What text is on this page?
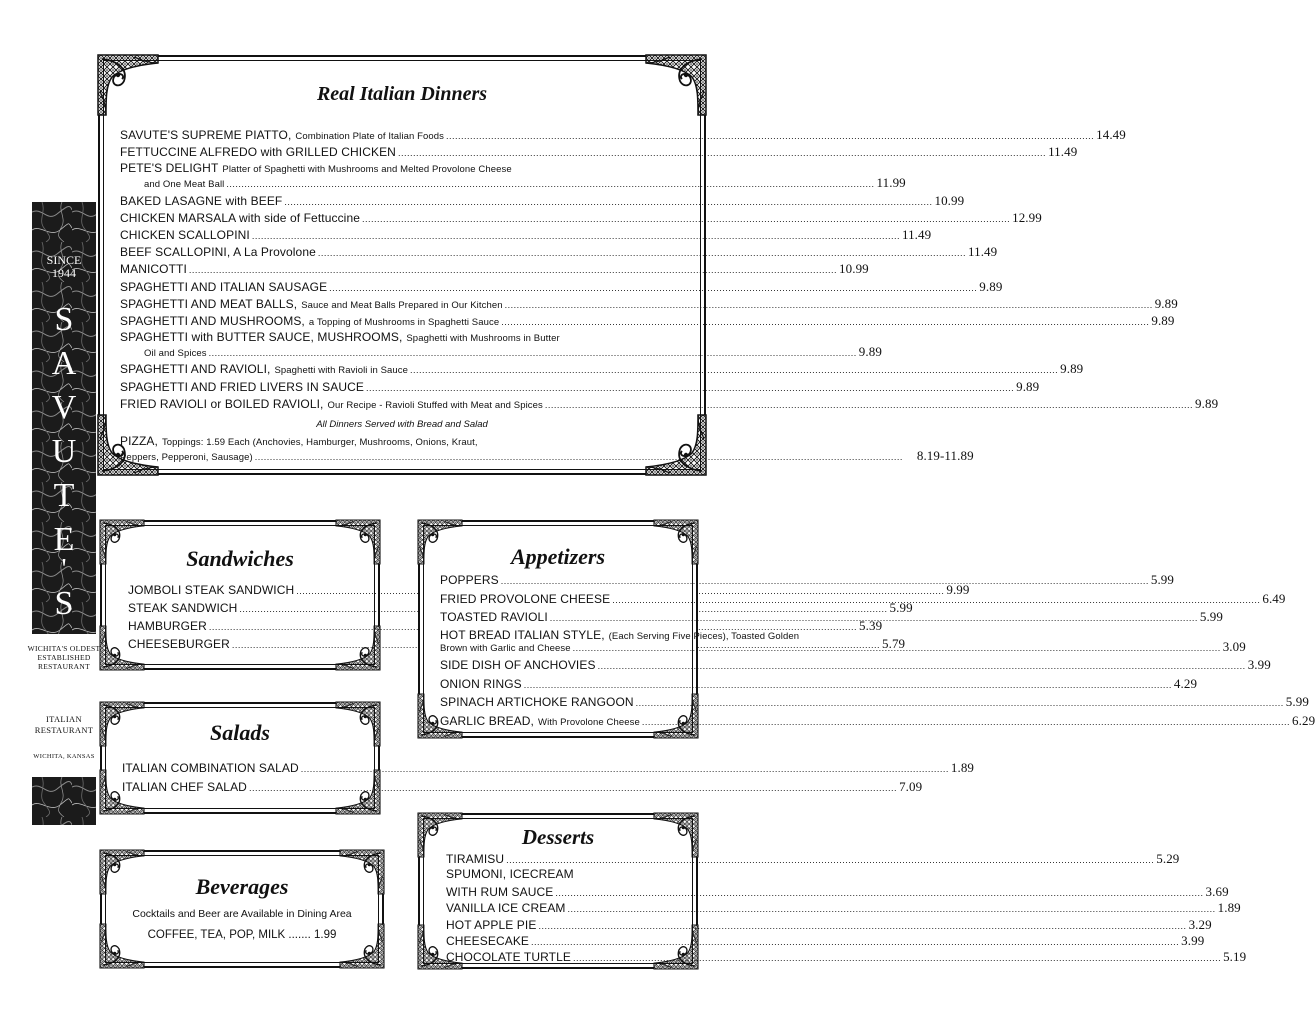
SINCE
1944
S
A
V
U
T
E
'
S
WICHITA'S OLDEST ESTABLISHED RESTAURANT
ITALIAN RESTAURANT
WICHITA, KANSAS
Real Italian Dinners
SAVUTE'S SUPREME PIATTO, Combination Plate of Italian Foods .....	14.49
FETTUCCINE ALFREDO with GRILLED CHICKEN .....	11.49
PETE'S DELIGHT Platter of Spaghetti with Mushrooms and Melted Provolone Cheese
and One Meat Ball .....	11.99
BAKED LASAGNE with BEEF .....	10.99
CHICKEN MARSALA with side of Fettuccine .....	12.99
CHICKEN SCALLOPINI .....	11.49
BEEF SCALLOPINI, A La Provolone .....	11.49
MANICOTTI .....	10.99
SPAGHETTI AND ITALIAN SAUSAGE .....	9.89
SPAGHETTI AND MEAT BALLS, Sauce and Meat Balls Prepared in Our Kitchen .....	9.89
SPAGHETTI AND MUSHROOMS, a Topping of Mushrooms in Spaghetti Sauce .....	9.89
SPAGHETTI with BUTTER SAUCE, MUSHROOMS, Spaghetti with Mushrooms in Butter
Oil and Spices .....	9.89
SPAGHETTI AND RAVIOLI, Spaghetti with Ravioli in Sauce .....	9.89
SPAGHETTI AND FRIED LIVERS IN SAUCE .....	9.89
FRIED RAVIOLI or BOILED RAVIOLI, Our Recipe - Ravioli Stuffed with Meat and Spices .....	9.89
All Dinners Served with Bread and Salad
PIZZA, Toppings: 1.59 Each (Anchovies, Hamburger, Mushrooms, Onions, Kraut,
Peppers, Pepperoni, Sausage) .....	8.19-11.89
Sandwiches
JOMBOLI STEAK SANDWICH .....	9.99
STEAK SANDWICH .....	5.99
HAMBURGER .....	5.39
CHEESEBURGER .....	5.79
Appetizers
POPPERS .....	5.99
FRIED PROVOLONE CHEESE .....	6.49
TOASTED RAVIOLI .....	5.99
HOT BREAD ITALIAN STYLE, (Each Serving Five Pieces), Toasted Golden
Brown with Garlic and Cheese .....	3.09
SIDE DISH OF ANCHOVIES .....	3.99
ONION RINGS .....	4.29
SPINACH ARTICHOKE RANGOON .....	5.99
GARLIC BREAD, With Provolone Cheese .....	6.29
Salads
ITALIAN COMBINATION SALAD .....	1.89
ITALIAN CHEF SALAD .....	7.09
Desserts
TIRAMISU .....	5.29
SPUMONI, ICECREAM
WITH RUM SAUCE .....	3.69
VANILLA ICE CREAM .....	1.89
HOT APPLE PIE .....	3.29
CHEESECAKE .....	3.99
CHOCOLATE TURTLE .....	5.19
Beverages
Cocktails and Beer are Available in Dining Area
COFFEE, TEA, POP, MILK ....... 1.99
